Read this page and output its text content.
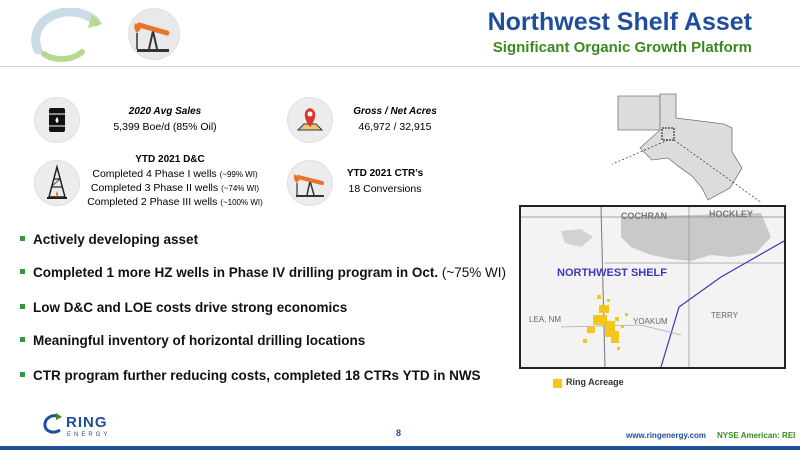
Northwest Shelf Asset
Significant Organic Growth Platform
2020 Avg Sales
5,399 Boe/d (85% Oil)
Gross / Net Acres
46,972 / 32,915
YTD 2021 D&C
Completed 4 Phase I wells (~99% WI)
Completed 3 Phase II wells (~74% WI)
Completed 2 Phase III wells (~100% WI)
YTD 2021 CTR’s
18 Conversions
Actively developing asset
Completed 1 more HZ wells in Phase IV drilling program in Oct. (~75% WI)
Low D&C and LOE costs drive strong economics
Meaningful inventory of horizontal drilling locations
CTR program further reducing costs, completed 18 CTRs YTD in NWS
COCHRAN	HOCKLEY
NORTHWEST SHELF
LEA, NM	YOAKUM
TERRY
Ring Acreage
RING
ENERGY	8	www.ringenergy.com NYSE American: REI
